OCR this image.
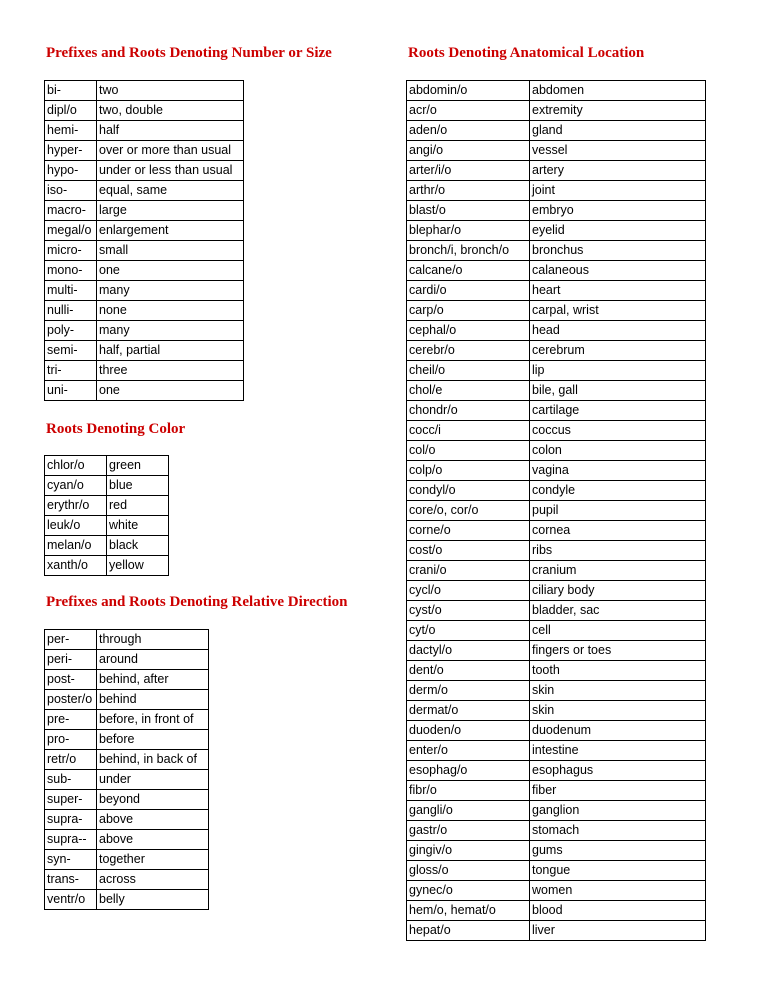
Prefixes and Roots Denoting Number or Size
bi-	two
dipl/o	two, double
hemi-	half
hyper-	over or more than usual
hypo-	under or less than usual
iso-	equal, same
macro-	large
megal/o	enlargement
micro-	small
mono-	one
multi-	many
nulli-	none
poly-	many
semi-	half, partial
tri-	three
uni-	one
Roots Denoting Color
chlor/o	green
cyan/o	blue
erythr/o	red
leuk/o	white
melan/o	black
xanth/o	yellow
Prefixes and Roots Denoting Relative Direction
per-	through
peri-	around
post-	behind, after
poster/o	behind
pre-	before, in front of
pro-	before
retr/o	behind, in back of
sub-	under
super-	beyond
supra-	above
supra--	above
syn-	together
trans-	across
ventr/o	belly
Roots Denoting Anatomical Location
abdomin/o	abdomen
acr/o	extremity
aden/o	gland
angi/o	vessel
arter/i/o	artery
arthr/o	joint
blast/o	embryo
blephar/o	eyelid
bronch/i, bronch/o	bronchus
calcane/o	calaneous
cardi/o	heart
carp/o	carpal, wrist
cephal/o	head
cerebr/o	cerebrum
cheil/o	lip
chol/e	bile, gall
chondr/o	cartilage
cocc/i	coccus
col/o	colon
colp/o	vagina
condyl/o	condyle
core/o, cor/o	pupil
corne/o	cornea
cost/o	ribs
crani/o	cranium
cycl/o	ciliary body
cyst/o	bladder, sac
cyt/o	cell
dactyl/o	fingers or toes
dent/o	tooth
derm/o	skin
dermat/o	skin
duoden/o	duodenum
enter/o	intestine
esophag/o	esophagus
fibr/o	fiber
gangli/o	ganglion
gastr/o	stomach
gingiv/o	gums
gloss/o	tongue
gynec/o	women
hem/o, hemat/o	blood
hepat/o	liver
